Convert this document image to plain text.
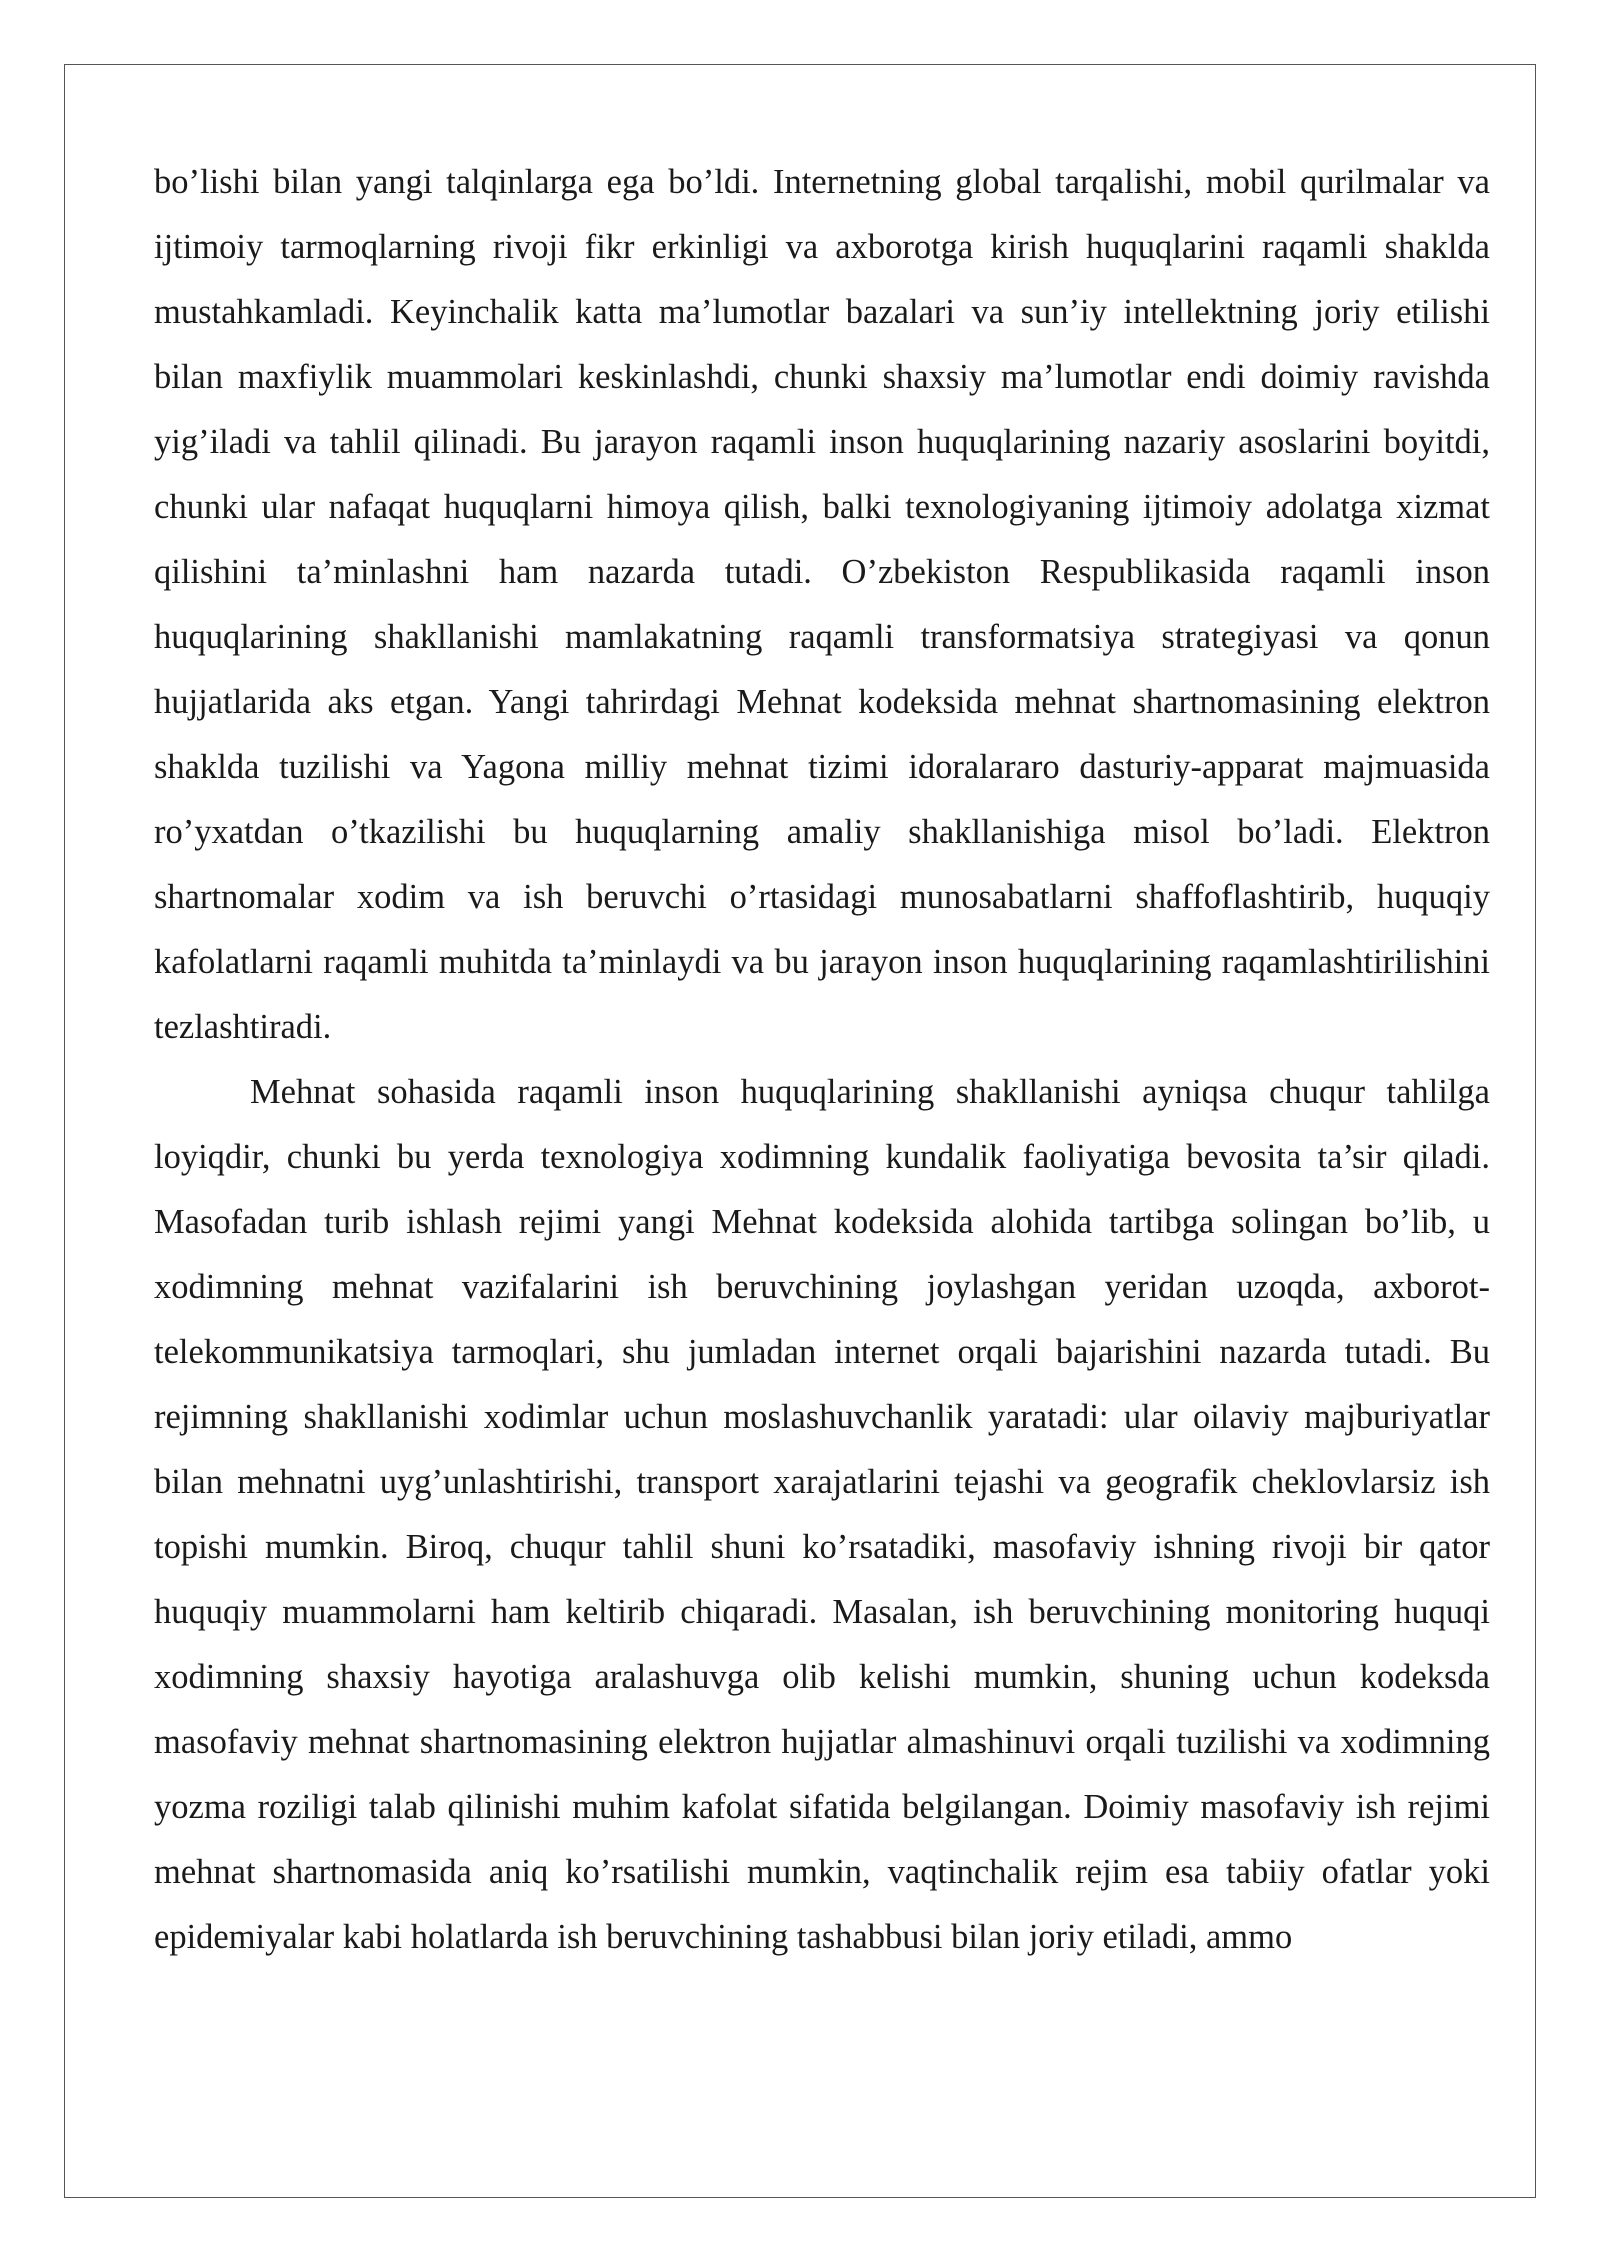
bo’lishi bilan yangi talqinlarga ega bo’ldi. Internetning global tarqalishi, mobil qurilmalar va ijtimoiy tarmoqlarning rivoji fikr erkinligi va axborotga kirish huquqlarini raqamli shaklda mustahkamladi. Keyinchalik katta ma’lumotlar bazalari va sun’iy intellektning joriy etilishi bilan maxfiylik muammolari keskinlashdi, chunki shaxsiy ma’lumotlar endi doimiy ravishda yig’iladi va tahlil qilinadi. Bu jarayon raqamli inson huquqlarining nazariy asoslarini boyitdi, chunki ular nafaqat huquqlarni himoya qilish, balki texnologiyaning ijtimoiy adolatga xizmat qilishini ta’minlashni ham nazarda tutadi. O’zbekiston Respublikasida raqamli inson huquqlarining shakllanishi mamlakatning raqamli transformatsiya strategiyasi va qonun hujjatlarida aks etgan. Yangi tahrirdagi Mehnat kodeksida mehnat shartnomasining elektron shaklda tuzilishi va Yagona milliy mehnat tizimi idoralararo dasturiy-apparat majmuasida ro’yxatdan o’tkazilishi bu huquqlarning amaliy shakllanishiga misol bo’ladi. Elektron shartnomalar xodim va ish beruvchi o’rtasidagi munosabatlarni shaffoflashtirib, huquqiy kafolatlarni raqamli muhitda ta’minlaydi va bu jarayon inson huquqlarining raqamlashtirilishini tezlashtiradi.

Mehnat sohasida raqamli inson huquqlarining shakllanishi ayniqsa chuqur tahlilga loyiqdir, chunki bu yerda texnologiya xodimning kundalik faoliyatiga bevosita ta’sir qiladi. Masofadan turib ishlash rejimi yangi Mehnat kodeksida alohida tartibga solingan bo’lib, u xodimning mehnat vazifalarini ish beruvchining joylashgan yeridan uzoqda, axborot-telekommunikatsiya tarmoqlari, shu jumladan internet orqali bajarishini nazarda tutadi. Bu rejimning shakllanishi xodimlar uchun moslashuvchanlik yaratadi: ular oilaviy majburiyatlar bilan mehnatni uyg’unlashtirishi, transport xarajatlarini tejashi va geografik cheklovlarsiz ish topishi mumkin. Biroq, chuqur tahlil shuni ko’rsatadiki, masofaviy ishning rivoji bir qator huquqiy muammolarni ham keltirib chiqaradi. Masalan, ish beruvchining monitoring huquqi xodimning shaxsiy hayotiga aralashuvga olib kelishi mumkin, shuning uchun kodeksda masofaviy mehnat shartnomasining elektron hujjatlar almashinuvi orqali tuzilishi va xodimning yozma roziligi talab qilinishi muhim kafolat sifatida belgilangan. Doimiy masofaviy ish rejimi mehnat shartnomasida aniq ko’rsatilishi mumkin, vaqtinchalik rejim esa tabiiy ofatlar yoki epidemiyalar kabi holatlarda ish beruvchining tashabbusi bilan joriy etiladi, ammo
